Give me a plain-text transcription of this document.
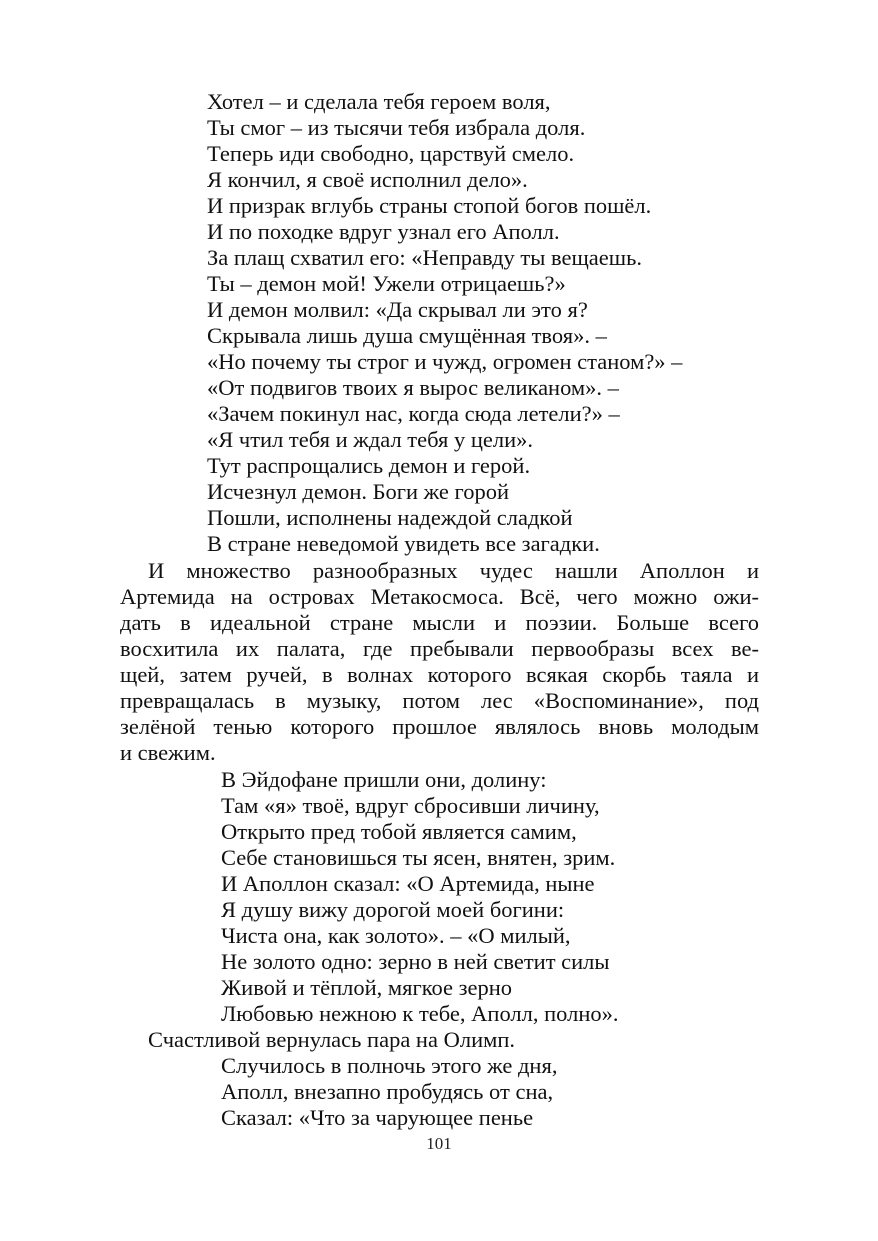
Хотел – и сделала тебя героем воля,
Ты смог – из тысячи тебя избрала доля.
Теперь иди свободно, царствуй смело.
Я кончил, я своё исполнил дело».
И призрак вглубь страны стопой богов пошёл.
И по походке вдруг узнал его Аполл.
За плащ схватил его: «Неправду ты вещаешь.
Ты – демон мой! Ужели отрицаешь?»
И демон молвил: «Да скрывал ли это я?
Скрывала лишь душа смущённая твоя». –
«Но почему ты строг и чужд, огромен станом?» –
«От подвигов твоих я вырос великаном». –
«Зачем покинул нас, когда сюда летели?» –
«Я чтил тебя и ждал тебя у цели».
Тут распрощались демон и герой.
Исчезнул демон. Боги же горой
Пошли, исполнены надеждой сладкой
В стране неведомой увидеть все загадки.
И множество разнообразных чудес нашли Аполлон и
Артемида на островах Метакосмоса. Всё, чего можно ожи-
дать в идеальной стране мысли и поэзии. Больше всего
восхитила их палата, где пребывали первообразы всех ве-
щей, затем ручей, в волнах которого всякая скорбь таяла и
превращалась в музыку, потом лес «Воспоминание», под
зелёной тенью которого прошлое являлось вновь молодым
и свежим.
В Эйдофане пришли они, долину:
Там «я» твоё, вдруг сбросивши личину,
Открыто пред тобой является самим,
Себе становишься ты ясен, внятен, зрим.
И Аполлон сказал: «О Артемида, ныне
Я душу вижу дорогой моей богини:
Чиста она, как золото». – «О милый,
Не золото одно: зерно в ней светит силы
Живой и тёплой, мягкое зерно
Любовью нежною к тебе, Аполл, полно».
Счастливой вернулась пара на Олимп.
Случилось в полночь этого же дня,
Аполл, внезапно пробудясь от сна,
Сказал: «Что за чарующее пенье
101
